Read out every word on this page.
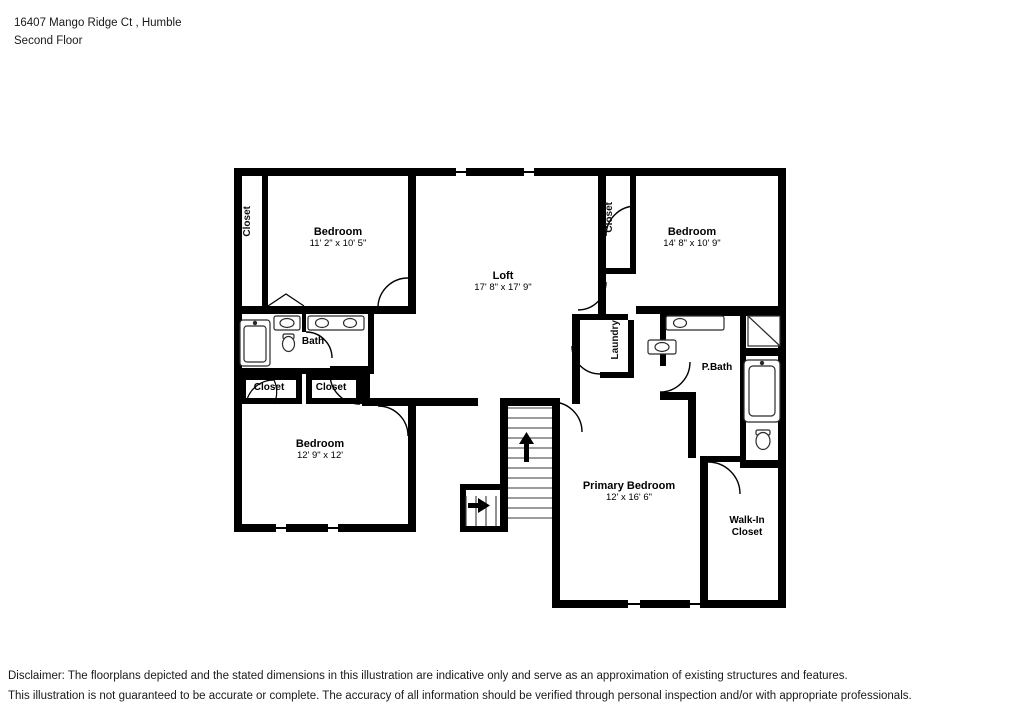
16407 Mango Ridge Ct , Humble
Second Floor
Bedroom
11' 2" x 10' 5"
Bedroom
14' 8" x 10' 9"
Loft
17' 8" x 17' 9"
Bedroom
12' 9" x 12'
Primary Bedroom
12' x 16' 6"
Walk-In
Closet
Bath
P.Bath
Closet	Closet
Closet	Closet
Laundry
Disclaimer: The floorplans depicted and the stated dimensions in this illustration are indicative only and serve as an approximation of existing structures and features.
This illustration is not guaranteed to be accurate or complete. The accuracy of all information should be verified through personal inspection and/or with appropriate professionals.
